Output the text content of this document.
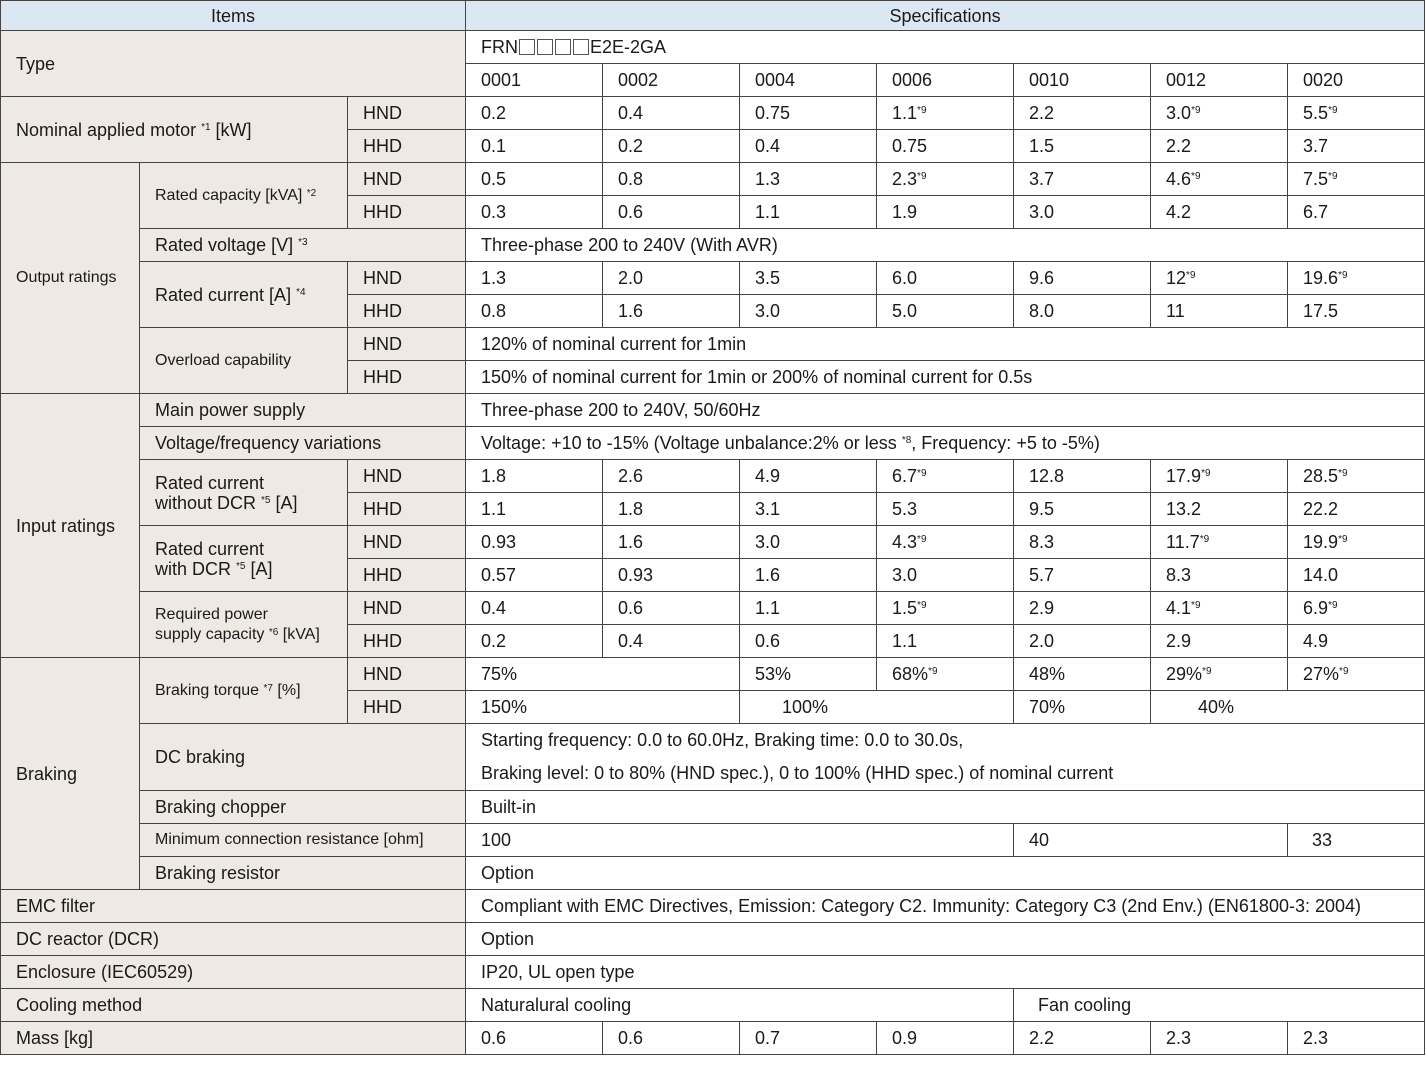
Items			Specifications						
Type			FRN E2E-2GA						
			0001	0002	0004	0006	0010	0012	0020
Nominal applied motor $^{*1}$ [kW]		HND	0.2	0.4	0.75	1.1$^{*9}$	2.2	3.0$^{*9}$	5.5$^{*9}$
		HHD	0.1	0.2	0.4	0.75	1.5	2.2	3.7
Output ratings	Rated capacity [kVA] $^{*2}$	HND	0.5	0.8	1.3	2.3$^{*9}$	3.7	4.6$^{*9}$	7.5$^{*9}$
		HHD	0.3	0.6	1.1	1.9	3.0	4.2	6.7
	Rated voltage [V] $^{*3}$		Three-phase 200 to 240V (With AVR)						
	Rated current [A] $^{*4}$	HND	1.3	2.0	3.5	6.0	9.6	12$^{*9}$	19.6$^{*9}$
		HHD	0.8	1.6	3.0	5.0	8.0	11	17.5
	Overload capability	HND	120% of nominal current for 1min						
		HHD	150% of nominal current for 1min or 200% of nominal current for 0.5s						
Input ratings	Main power supply		Three-phase 200 to 240V, 50/60Hz						
	Voltage/frequency variations		Voltage: +10 to -15% (Voltage unbalance:2% or less $^{*8}$, Frequency: +5 to -5%)						
	Rated current
without DCR $^{*5}$ [A]	HND	1.8	2.6	4.9	6.7$^{*9}$	12.8	17.9$^{*9}$	28.5$^{*9}$
		HHD	1.1	1.8	3.1	5.3	9.5	13.2	22.2
	Rated current
with DCR $^{*5}$ [A]	HND	0.93	1.6	3.0	4.3$^{*9}$	8.3	11.7$^{*9}$	19.9$^{*9}$
		HHD	0.57	0.93	1.6	3.0	5.7	8.3	14.0
	Required power
supply capacity $^{*6}$ [kVA]	HND	0.4	0.6	1.1	1.5$^{*9}$	2.9	4.1$^{*9}$	6.9$^{*9}$
		HHD	0.2	0.4	0.6	1.1	2.0	2.9	4.9
Braking	Braking torque $^{*7}$ [%]	HND	75%		53%	68%$^{*9}$	48%	29%$^{*9}$	27%$^{*9}$
		HHD	150%		100%		70%	40%	
	DC braking		Starting frequency: 0.0 to 60.0Hz, Braking time: 0.0 to 30.0s,						
			Braking level: 0 to 80% (HND spec.), 0 to 100% (HHD spec.) of nominal current						
	Braking chopper		Built-in						
	Minimum connection resistance [ohm]		100				40		33
	Braking resistor		Option						
EMC filter			Compliant with EMC Directives, Emission: Category C2. Immunity: Category C3 (2nd Env.) (EN61800-3: 2004)						
DC reactor (DCR)			Option						
Enclosure (IEC60529)			IP20, UL open type						
Cooling method			Naturalural cooling				Fan cooling		
Mass [kg]			0.6	0.6	0.7	0.9	2.2	2.3	2.3
